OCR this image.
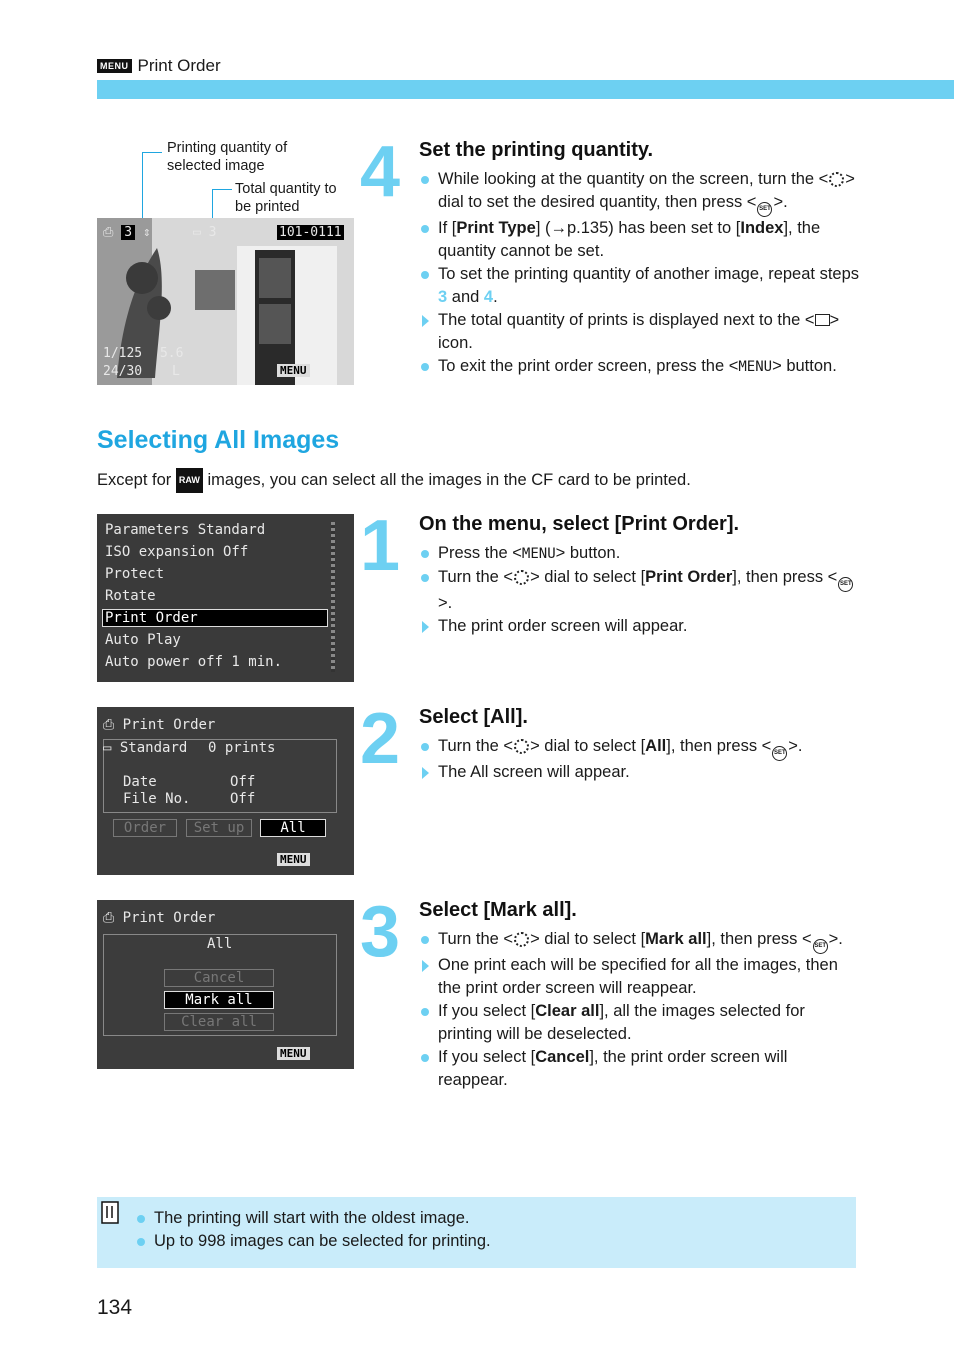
MENU Print Order
Printing quantity of selected image
Total quantity to be printed
⎙ 3 ⇕	▭ 3	101-0111
1/125 5.6
24/30 L	MENU
4 Set the printing quantity.
While looking at the quantity on the screen, turn the < > dial to set the desired quantity, then press < SET >.
If [Print Type] (→p.135) has been set to [Index], the quantity cannot be set.
To set the printing quantity of another image, repeat steps 3 and 4.
The total quantity of prints is displayed next to the < > icon.
To exit the print order screen, press the <MENU> button.
Selecting All Images
Except for RAW images, you can select all the images in the CF card to be printed.
Parameters Standard
ISO expansion Off
Protect
Rotate
Print Order
Auto Play
Auto power off 1 min.
1 On the menu, select [Print Order].
Press the <MENU> button.
Turn the < > dial to select [Print Order], then press < SET>.
The print order screen will appear.
⎙ Print Order
▭ Standard 0 prints
Date	Off
File No.	Off
Order	Set up	All
MENU
2 Select [All].
Turn the < > dial to select [All], then press < SET >.
The All screen will appear.
⎙ Print Order
All
Cancel
Mark all
Clear all
MENU
3 Select [Mark all].
Turn the < > dial to select [Mark all], then press < SET >.
One print each will be specified for all the images, then the print order screen will reappear.
If you select [Clear all], all the images selected for printing will be deselected.
If you select [Cancel], the print order screen will reappear.
The printing will start with the oldest image.
Up to 998 images can be selected for printing.
134
